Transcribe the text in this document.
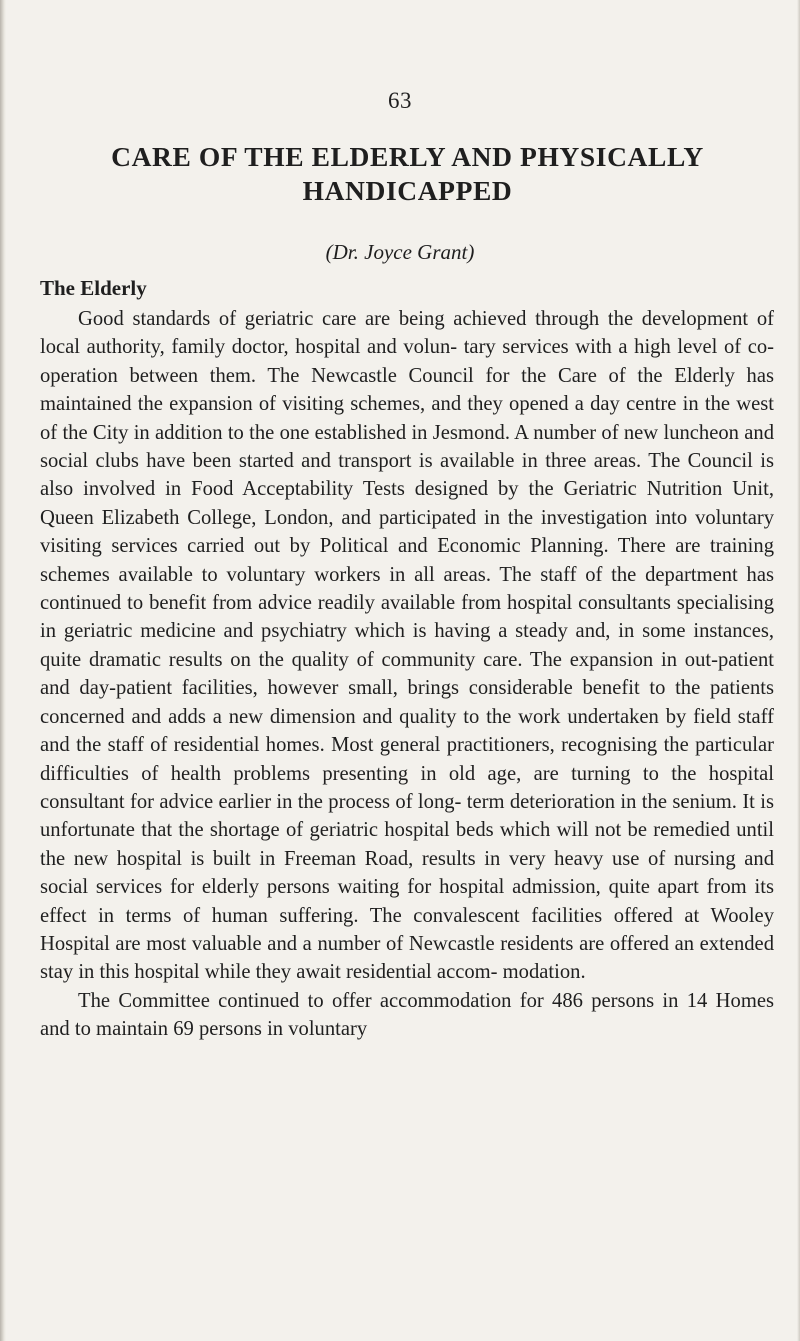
63
CARE OF THE ELDERLY AND PHYSICALLY HANDICAPPED
(Dr. Joyce Grant)
The Elderly

Good standards of geriatric care are being achieved through the development of local authority, family doctor, hospital and volun- tary services with a high level of co-operation between them. The Newcastle Council for the Care of the Elderly has maintained the expansion of visiting schemes, and they opened a day centre in the west of the City in addition to the one established in Jesmond. A number of new luncheon and social clubs have been started and transport is available in three areas. The Council is also involved in Food Acceptability Tests designed by the Geriatric Nutrition Unit, Queen Elizabeth College, London, and participated in the investigation into voluntary visiting services carried out by Political and Economic Planning. There are training schemes available to voluntary workers in all areas. The staff of the department has continued to benefit from advice readily available from hospital consultants specialising in geriatric medicine and psychiatry which is having a steady and, in some instances, quite dramatic results on the quality of community care. The expansion in out-patient and day-patient facilities, however small, brings considerable benefit to the patients concerned and adds a new dimension and quality to the work undertaken by field staff and the staff of residential homes. Most general practitioners, recognising the particular difficulties of health problems presenting in old age, are turning to the hospital consultant for advice earlier in the process of long- term deterioration in the senium. It is unfortunate that the shortage of geriatric hospital beds which will not be remedied until the new hospital is built in Freeman Road, results in very heavy use of nursing and social services for elderly persons waiting for hospital admission, quite apart from its effect in terms of human suffering. The convalescent facilities offered at Wooley Hospital are most valuable and a number of Newcastle residents are offered an extended stay in this hospital while they await residential accom- modation.

The Committee continued to offer accommodation for 486 persons in 14 Homes and to maintain 69 persons in voluntary
